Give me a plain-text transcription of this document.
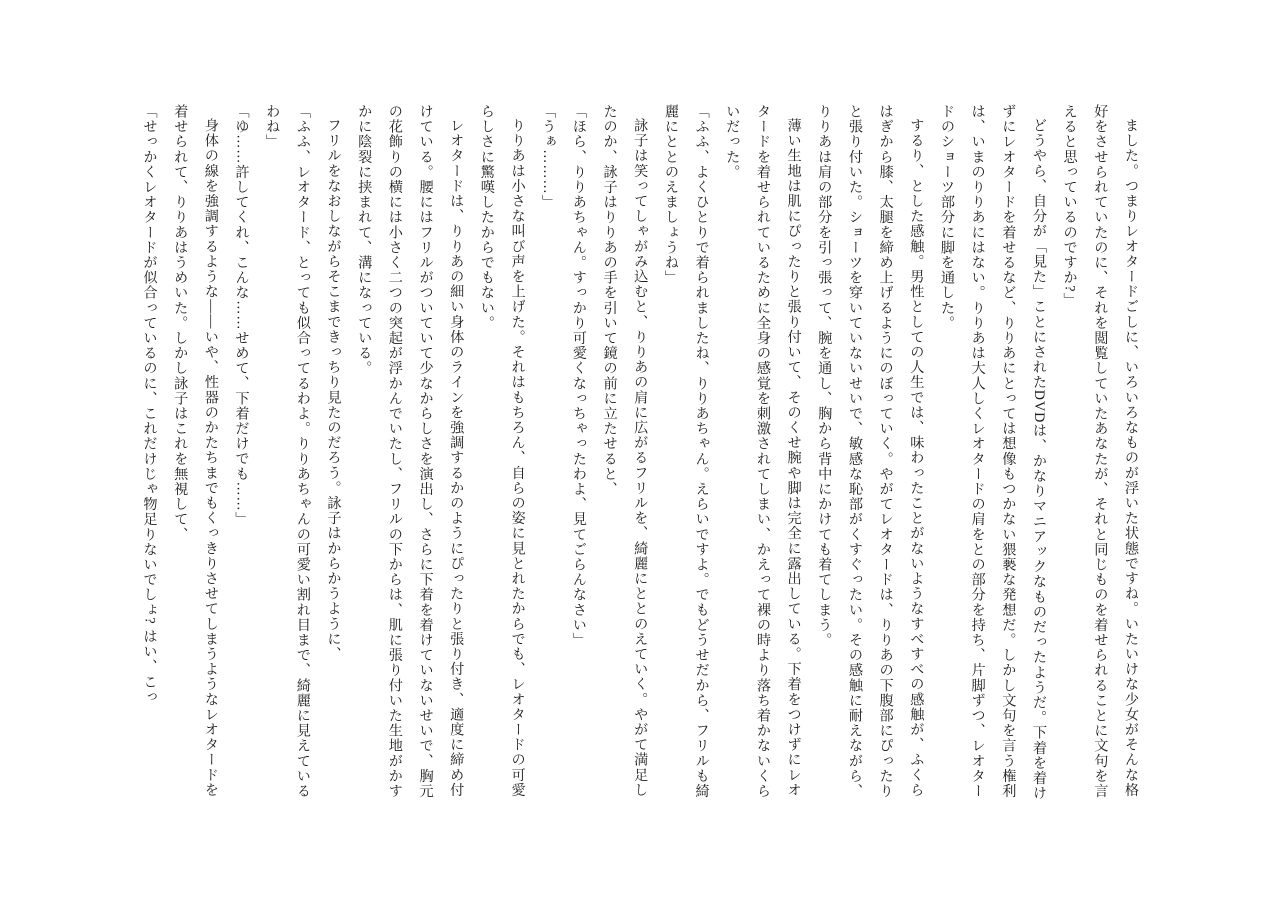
ました。つまりレオタードごしに、いろいろなものが浮いた状態ですね。いたいけな少女がそんな格好をさせられていたのに、それを閲覧していたあなたが、それと同じものを着せられることに文句を言えると思っているのですか?」

どうやら、自分が「見た」ことにされたDVDは、かなりマニアックなものだったようだ。下着を着けずにレオタードを着せるなど、りりあにとっては想像もつかない猥褻な発想だ。しかし文句を言う権利は、いまのりりあにはない。りりあは大人しくレオタードの肩をとの部分を持ち、片脚ずつ、レオタードのショーツ部分に脚を通した。

するり、とした感触。男性としての人生では、味わったことがないようなすべすべの感触が、ふくらはぎから膝、太腿を締め上げるようにのぼっていく。やがてレオタードは、りりあの下腹部にぴったりと張り付いた。ショーツを穿いていないせいで、敏感な恥部がくすぐったい。その感触に耐えながら、りりあは肩の部分を引っ張って、腕を通し、胸から背中にかけても着てしまう。

薄い生地は肌にぴったりと張り付いて、そのくせ腕や脚は完全に露出している。下着をつけずにレオタードを着せられているために全身の感覚を刺激されてしまい、かえって裸の時より落ち着かないくらいだった。

「ふふ、よくひとりで着られましたね、りりあちゃん。えらいですよ。でもどうせだから、フリルも綺麗にととのえましょうね」

詠子は笑ってしゃがみ込むと、りりあの肩に広がるフリルを、綺麗にととのえていく。やがて満足したのか、詠子はりりあの手を引いて鏡の前に立たせると、

「ほら、りりあちゃん。すっかり可愛くなっちゃったわよ、見てごらんなさい」

「うぁ………」

りりあは小さな叫び声を上げた。それはもちろん、自らの姿に見とれたからでも、レオタードの可愛らしさに驚嘆したからでもない。

レオタードは、りりあの細い身体のラインを強調するかのようにぴったりと張り付き、適度に締め付けている。腰にはフリルがついていて少なからしさを演出し、さらに下着を着けていないせいで、胸元の花飾りの横には小さく二つの突起が浮かんでいたし、フリルの下からは、肌に張り付いた生地がかすかに陰裂に挟まれて、溝になっている。

フリルをなおしながらそこまできっちり見たのだろう。詠子はからかうように、

「ふふ、レオタード、とっても似合ってるわよ。りりあちゃんの可愛い割れ目まで、綺麗に見えているわね」

「ゆ……許してくれ、こんな……せめて、下着だけでも……」

身体の線を強調するような——いや、性器のかたちまでもくっきりさせてしまうようなレオタードを着せられて、りりあはうめいた。しかし詠子はこれを無視して、

「せっかくレオタードが似合っているのに、これだけじゃ物足りないでしょ? はい、こっ
